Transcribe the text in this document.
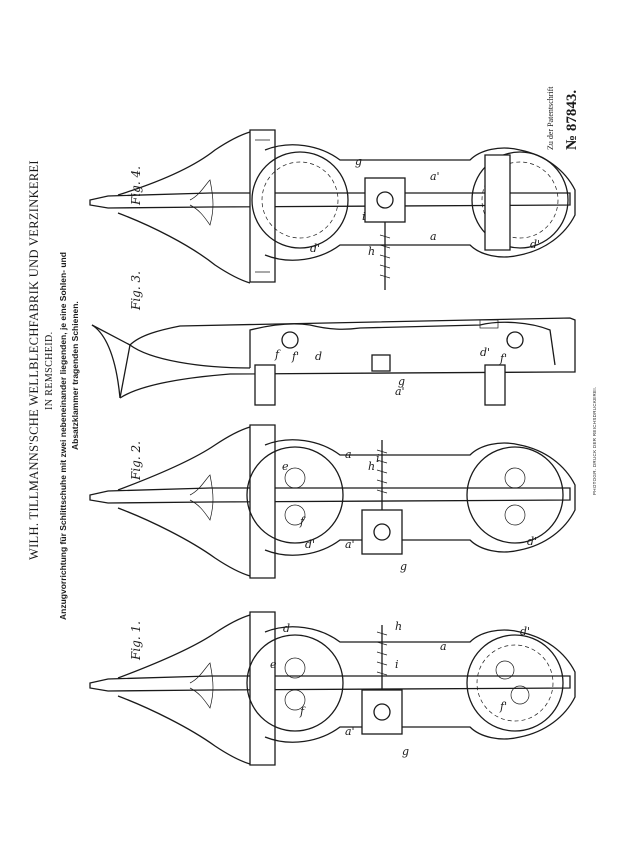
WILH. TILLMANNS'SCHE WELLBLECHFABRIK UND VERZINKEREI IN REMSCHEID. Anzugvorrichtung für Schlittschuhe mit zwei nebeneinander liegenden, je eine Sohlen- und Absatzklammer tragenden Schienen.
Zu der Patentschrift № 87843.
PHOTOGR. DRUCK DER REICHSDRUCKEREI.
g
i
h
a'
a
d'	d'
Fig. 4.
f f' d
g
a'
d' f'
Fig. 3.
h
i
g
a'
a
d'	d'
e
f
Fig. 2.
h
i
g
a'
a
d	d'
e
f	f'
Fig. 1.
